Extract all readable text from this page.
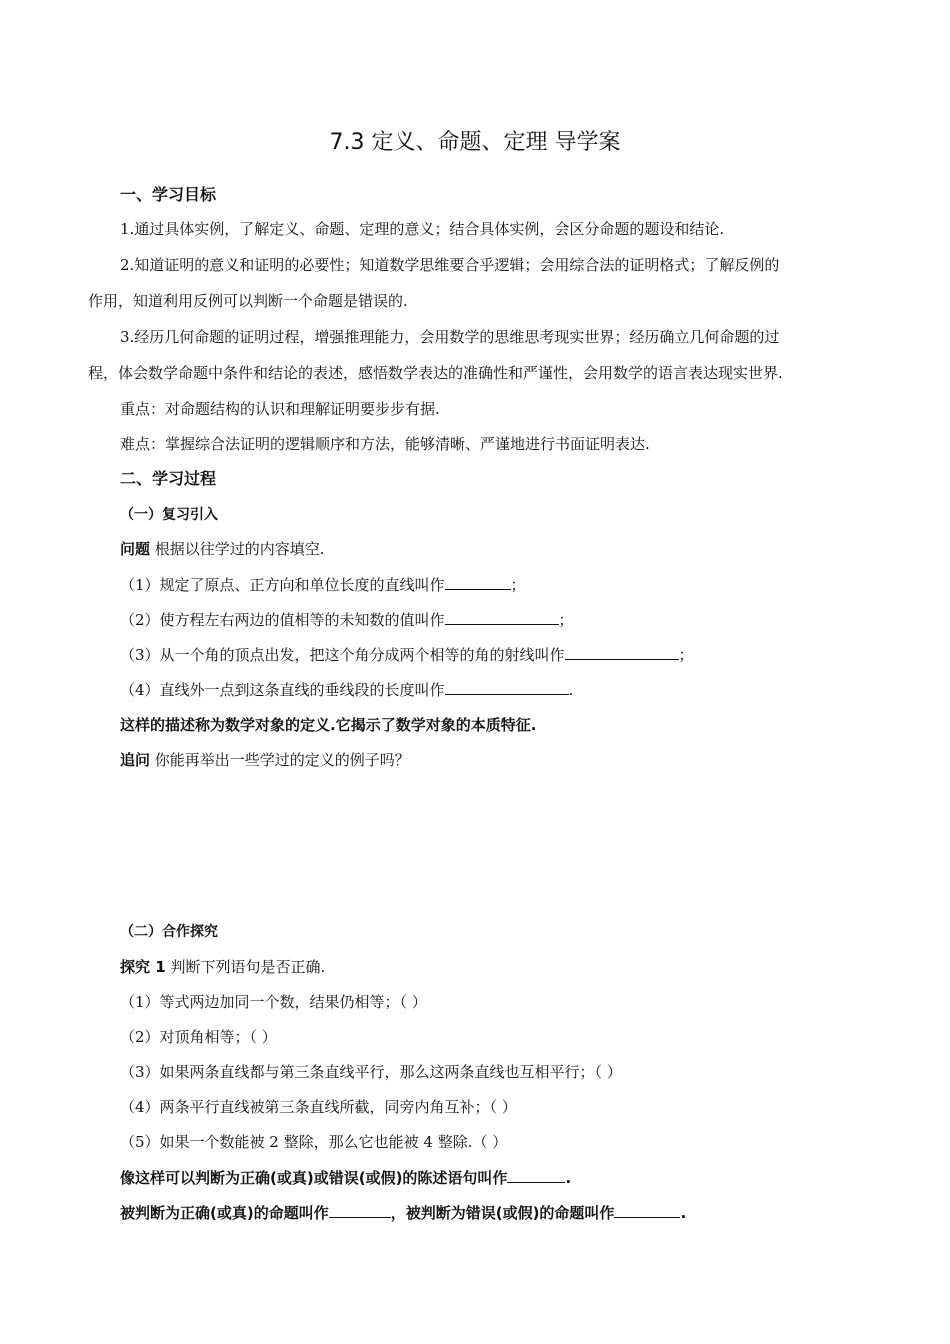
7.3 定义、命题、定理 导学案
一、学习目标
1.通过具体实例，了解定义、命题、定理的意义；结合具体实例，会区分命题的题设和结论.
2.知道证明的意义和证明的必要性；知道数学思维要合乎逻辑；会用综合法的证明格式；了解反例的
作用，知道利用反例可以判断一个命题是错误的.
3.经历几何命题的证明过程，增强推理能力，会用数学的思维思考现实世界；经历确立几何命题的过
程，体会数学命题中条件和结论的表述，感悟数学表达的准确性和严谨性，会用数学的语言表达现实世界.
重点：对命题结构的认识和理解证明要步步有据.
难点：掌握综合法证明的逻辑顺序和方法，能够清晰、严谨地进行书面证明表达.
二、学习过程
（一）复习引入
问题 根据以往学过的内容填空.
（1）规定了原点、正方向和单位长度的直线叫作	；
（2）使方程左右两边的值相等的未知数的值叫作	；
（3）从一个角的顶点出发，把这个角分成两个相等的角的射线叫作	；
（4）直线外一点到这条直线的垂线段的长度叫作	.
这样的描述称为数学对象的定义.它揭示了数学对象的本质特征.
追问 你能再举出一些学过的定义的例子吗？
（二）合作探究
探究 1 判断下列语句是否正确.
（1）等式两边加同一个数，结果仍相等；（ ）
（2）对顶角相等；（ ）
（3）如果两条直线都与第三条直线平行，那么这两条直线也互相平行；（ ）
（4）两条平行直线被第三条直线所截，同旁内角互补；（ ）
（5）如果一个数能被 2 整除，那么它也能被 4 整除.（ ）
像这样可以判断为正确(或真)或错误(或假)的陈述语句叫作	.
被判断为正确(或真)的命题叫作	，被判断为错误(或假)的命题叫作	.
